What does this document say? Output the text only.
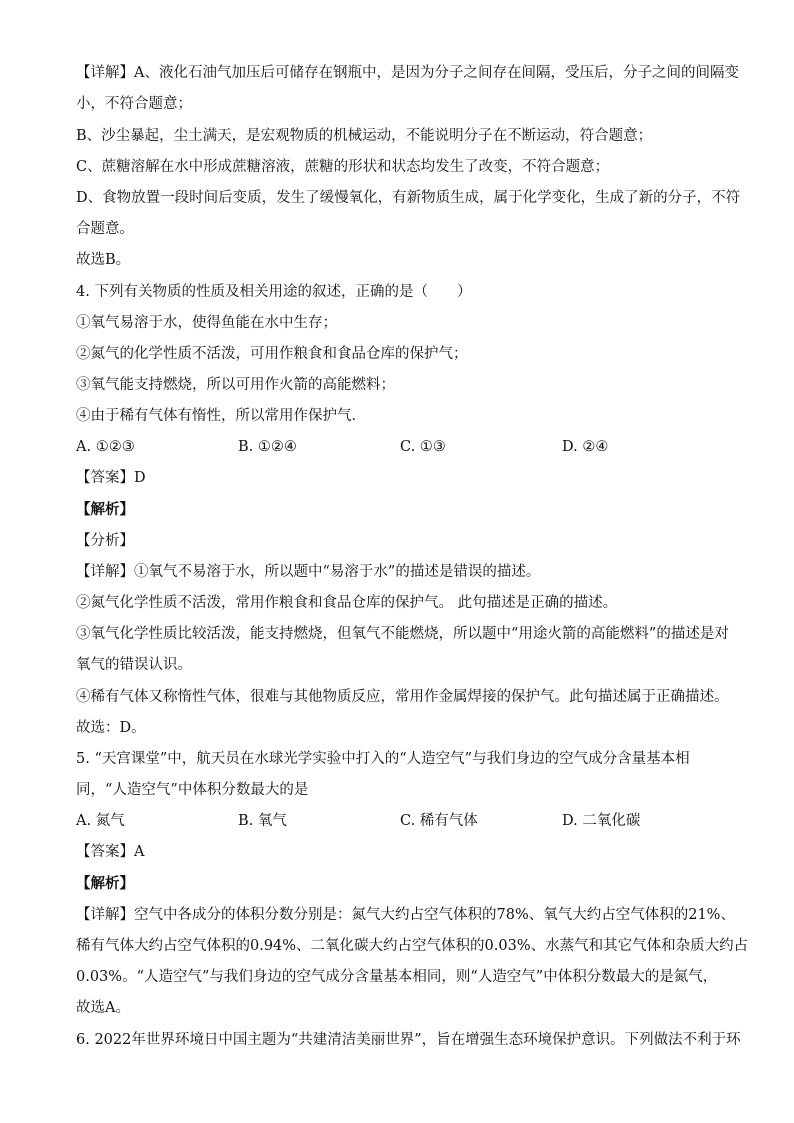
【详解】A、液化石油气加压后可储存在钢瓶中，是因为分子之间存在间隔，受压后，分子之间的间隔变
小，不符合题意；
B、沙尘暴起，尘土满天，是宏观物质的机械运动，不能说明分子在不断运动，符合题意；
C、蔗糖溶解在水中形成蔗糖溶液，蔗糖的形状和状态均发生了改变，不符合题意；
D、食物放置一段时间后变质，发生了缓慢氧化，有新物质生成，属于化学变化，生成了新的分子，不符
合题意。
故选B。
4. 下列有关物质的性质及相关用途的叙述，正确的是（　　）
①氧气易溶于水，使得鱼能在水中生存；
②氮气的化学性质不活泼，可用作粮食和食品仓库的保护气；
③氧气能支持燃烧，所以可用作火箭的高能燃料；
④由于稀有气体有惰性，所以常用作保护气．
A. ①②③	B. ①②④	C. ①③	D. ②④
【答案】D
【解析】
【分析】
【详解】①氧气不易溶于水，所以题中“易溶于水”的描述是错误的描述。
②氮气化学性质不活泼，常用作粮食和食品仓库的保护气。 此句描述是正确的描述。
③氧气化学性质比较活泼，能支持燃烧，但氧气不能燃烧，所以题中“用途火箭的高能燃料”的描述是对
氧气的错误认识。
④稀有气体又称惰性气体，很难与其他物质反应，常用作金属焊接的保护气。此句描述属于正确描述。
故选：D。
5. “天宫课堂”中，航天员在水球光学实验中打入的“人造空气”与我们身边的空气成分含量基本相
同，“人造空气”中体积分数最大的是
A. 氮气	B. 氧气	C. 稀有气体	D. 二氧化碳
【答案】A
【解析】
【详解】空气中各成分的体积分数分别是：氮气大约占空气体积的78%、氧气大约占空气体积的21%、
稀有气体大约占空气体积的0.94%、二氧化碳大约占空气体积的0.03%、水蒸气和其它气体和杂质大约占
0.03%。“人造空气”与我们身边的空气成分含量基本相同，则“人造空气”中体积分数最大的是氮气，
故选A。
6. 2022年世界环境日中国主题为“共建清洁美丽世界”，旨在增强生态环境保护意识。下列做法不利于环
